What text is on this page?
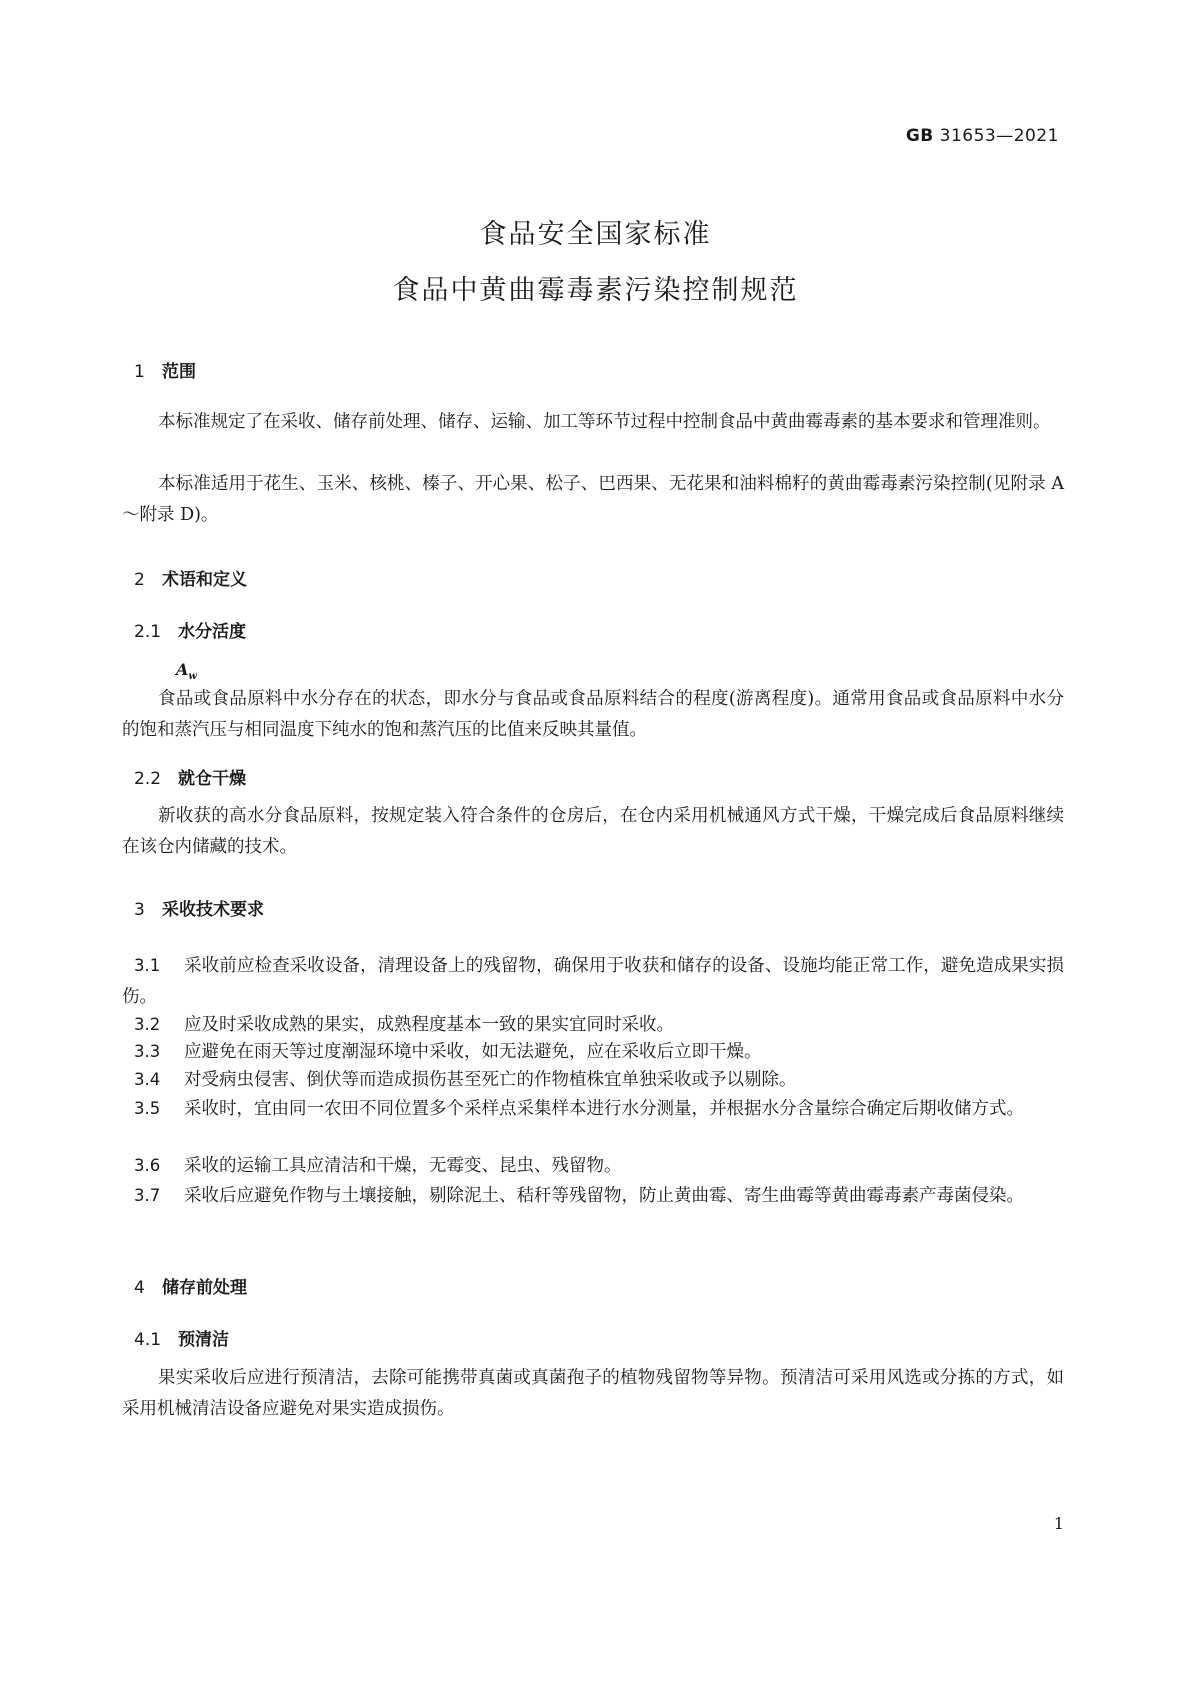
GB 31653—2021
食品安全国家标准
食品中黄曲霉毒素污染控制规范
1 范围
本标准规定了在采收、储存前处理、储存、运输、加工等环节过程中控制食品中黄曲霉毒素的基本要求和管理准则。
本标准适用于花生、玉米、核桃、榛子、开心果、松子、巴西果、无花果和油料棉籽的黄曲霉毒素污染控制(见附录 A～附录 D)。
2 术语和定义
2.1 水分活度
$A_w$
食品或食品原料中水分存在的状态，即水分与食品或食品原料结合的程度(游离程度)。通常用食品或食品原料中水分的饱和蒸汽压与相同温度下纯水的饱和蒸汽压的比值来反映其量值。
2.2 就仓干燥
新收获的高水分食品原料，按规定装入符合条件的仓房后，在仓内采用机械通风方式干燥，干燥完成后食品原料继续在该仓内储藏的技术。
3 采收技术要求
3.1 采收前应检查采收设备，清理设备上的残留物，确保用于收获和储存的设备、设施均能正常工作，避免造成果实损伤。
3.2 应及时采收成熟的果实，成熟程度基本一致的果实宜同时采收。
3.3 应避免在雨天等过度潮湿环境中采收，如无法避免，应在采收后立即干燥。
3.4 对受病虫侵害、倒伏等而造成损伤甚至死亡的作物植株宜单独采收或予以剔除。
3.5 采收时，宜由同一农田不同位置多个采样点采集样本进行水分测量，并根据水分含量综合确定后期收储方式。
3.6 采收的运输工具应清洁和干燥，无霉变、昆虫、残留物。
3.7 采收后应避免作物与土壤接触，剔除泥土、秸秆等残留物，防止黄曲霉、寄生曲霉等黄曲霉毒素产毒菌侵染。
4 储存前处理
4.1 预清洁
果实采收后应进行预清洁，去除可能携带真菌或真菌孢子的植物残留物等异物。预清洁可采用风选或分拣的方式，如采用机械清洁设备应避免对果实造成损伤。
1
